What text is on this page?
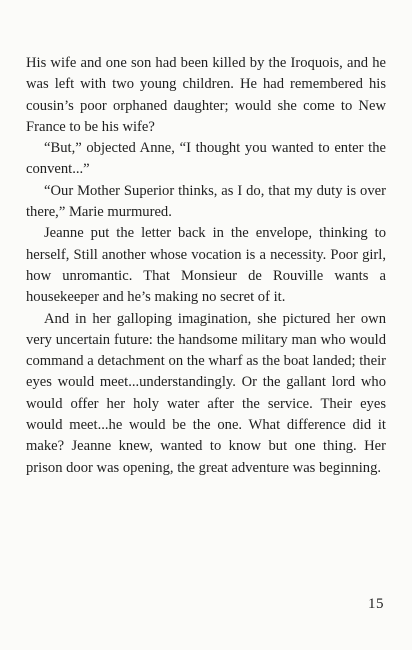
His wife and one son had been killed by the Iroquois, and he was left with two young children. He had remembered his cousin’s poor orphaned daughter; would she come to New France to be his wife?

“But,” objected Anne, “I thought you wanted to enter the convent...”

“Our Mother Superior thinks, as I do, that my duty is over there,” Marie murmured.

Jeanne put the letter back in the envelope, thinking to herself, Still another whose vocation is a necessity. Poor girl, how unromantic. That Monsieur de Rouville wants a housekeeper and he’s making no secret of it.

And in her galloping imagination, she pictured her own very uncertain future: the handsome military man who would command a detachment on the wharf as the boat landed; their eyes would meet...understandingly. Or the gallant lord who would offer her holy water after the service. Their eyes would meet...he would be the one. What difference did it make? Jeanne knew, wanted to know but one thing. Her prison door was opening, the great adventure was beginning.

15
